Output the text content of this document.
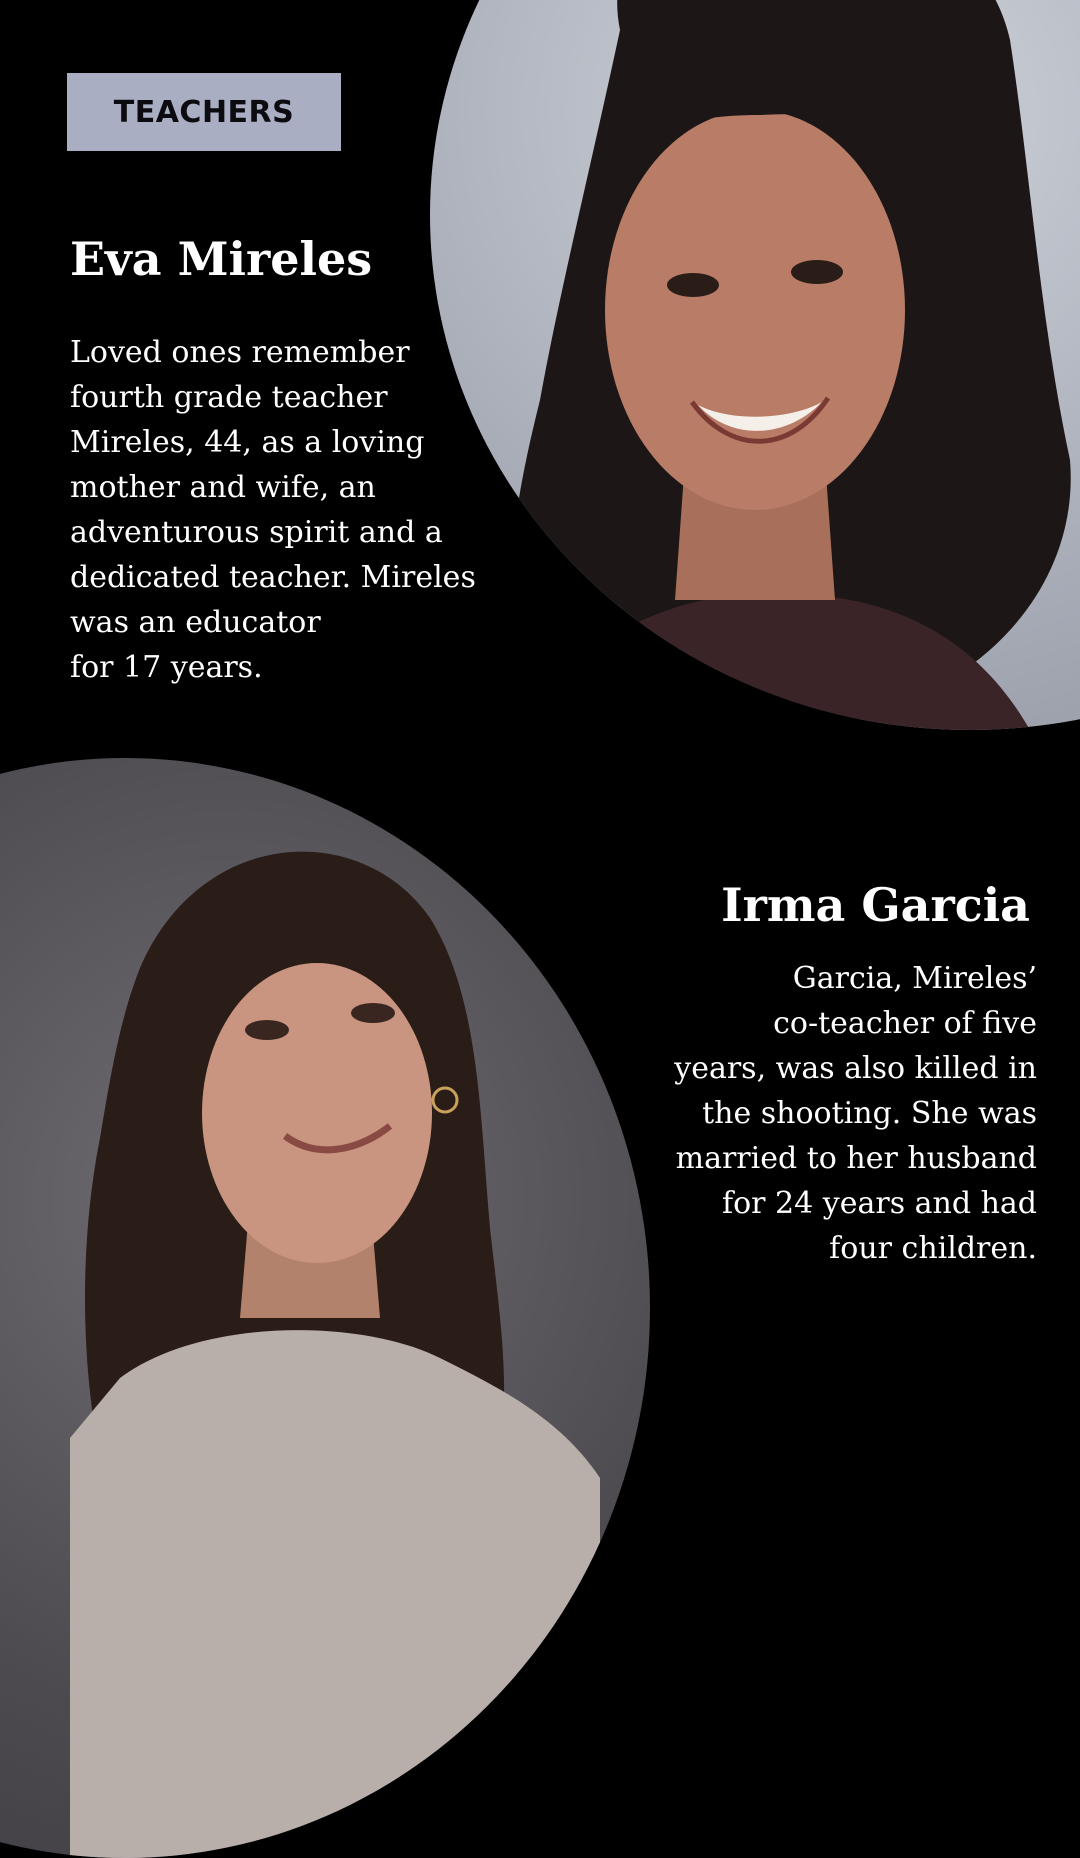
TEACHERS
Eva Mireles

Loved ones remember
fourth grade teacher
Mireles, 44, as a loving
mother and wife, an
adventurous spirit and a
dedicated teacher. Mireles
was an educator
for 17 years.

Irma Garcia

Garcia, Mireles’
co-teacher of five
years, was also killed in
the shooting. She was
married to her husband
for 24 years and had
four children.
